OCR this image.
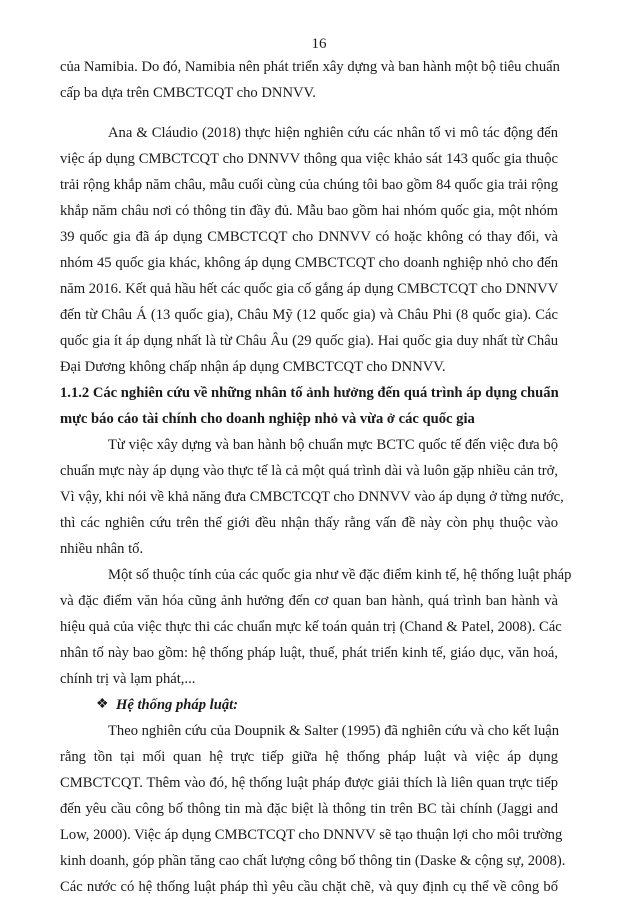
16
của Namibia. Do đó, Namibia nên phát triển xây dựng và ban hành một bộ tiêu chuẩn
cấp ba dựa trên CMBCTCQT cho DNNVV.
Ana & Cláudio (2018) thực hiện nghiên cứu các nhân tố vi mô tác động đến
việc áp dụng CMBCTCQT cho DNNVV thông qua việc khảo sát 143 quốc gia thuộc
trải rộng khắp năm châu, mẫu cuối cùng của chúng tôi bao gồm 84 quốc gia trải rộng
khắp năm châu nơi có thông tin đầy đủ. Mẫu bao gồm hai nhóm quốc gia, một nhóm
39 quốc gia đã áp dụng CMBCTCQT cho DNNVV có hoặc không có thay đổi, và
nhóm 45 quốc gia khác, không áp dụng CMBCTCQT cho doanh nghiệp nhỏ cho đến
năm 2016. Kết quả hầu hết các quốc gia cố gắng áp dụng CMBCTCQT cho DNNVV
đến từ Châu Á (13 quốc gia), Châu Mỹ (12 quốc gia) và Châu Phi (8 quốc gia). Các
quốc gia ít áp dụng nhất là từ Châu Âu (29 quốc gia). Hai quốc gia duy nhất từ Châu
Đại Dương không chấp nhận áp dụng CMBCTCQT cho DNNVV.
1.1.2 Các nghiên cứu về những nhân tố ảnh hưởng đến quá trình áp dụng chuẩn
mực báo cáo tài chính cho doanh nghiệp nhỏ và vừa ở các quốc gia
Từ việc xây dựng và ban hành bộ chuẩn mực BCTC quốc tế đến việc đưa bộ
chuẩn mực này áp dụng vào thực tế là cả một quá trình dài và luôn gặp nhiều cản trở,
Vì vậy, khi nói về khả năng đưa CMBCTCQT cho DNNVV vào áp dụng ở từng nước,
thì các nghiên cứu trên thế giới đều nhận thấy rằng vấn đề này còn phụ thuộc vào
nhiều nhân tố.
Một số thuộc tính của các quốc gia như về đặc điểm kinh tế, hệ thống luật pháp
và đặc điểm văn hóa cũng ảnh hưởng đến cơ quan ban hành, quá trình ban hành và
hiệu quả của việc thực thi các chuẩn mực kế toán quản trị (Chand & Patel, 2008). Các
nhân tố này bao gồm: hệ thống pháp luật, thuế, phát triển kinh tế, giáo dục, văn hoá,
chính trị và lạm phát,...
❖ Hệ thống pháp luật:
Theo nghiên cứu của Doupnik & Salter (1995) đã nghiên cứu và cho kết luận
rằng tồn tại mối quan hệ trực tiếp giữa hệ thống pháp luật và việc áp dụng
CMBCTCQT. Thêm vào đó, hệ thống luật pháp được giải thích là liên quan trực tiếp
đến yêu cầu công bố thông tin mà đặc biệt là thông tin trên BC tài chính (Jaggi and
Low, 2000). Việc áp dụng CMBCTCQT cho DNNVV sẽ tạo thuận lợi cho môi trường
kinh doanh, góp phần tăng cao chất lượng công bố thông tin (Daske & cộng sự, 2008).
Các nước có hệ thống luật pháp thì yêu cầu chặt chẽ, và quy định cụ thể về công bố
